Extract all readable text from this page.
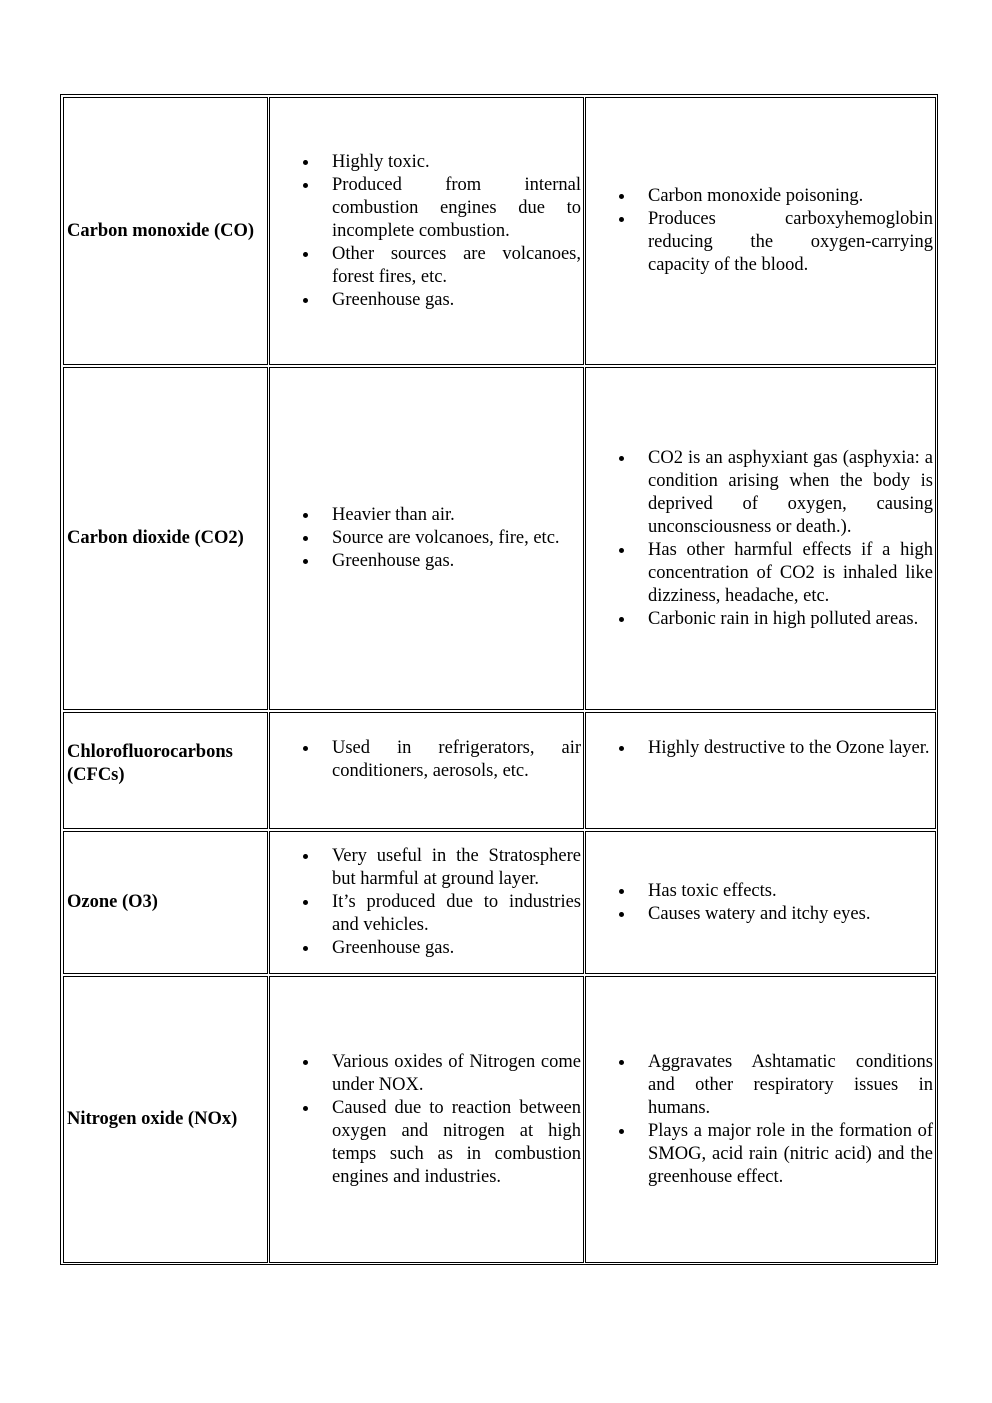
Carbon monoxide (CO)
Highly toxic.
Produced from internal combustion engines due to incomplete combustion.
Other sources are volcanoes, forest fires, etc.
Greenhouse gas.
Carbon monoxide poisoning.
Produces carboxyhemoglobin reducing the oxygen-carrying capacity of the blood.
Carbon dioxide (CO2)
Heavier than air.
Source are volcanoes, fire, etc.
Greenhouse gas.
CO2 is an asphyxiant gas (asphyxia: a condition arising when the body is deprived of oxygen, causing unconsciousness or death.).
Has other harmful effects if a high concentration of CO2 is inhaled like dizziness, headache, etc.
Carbonic rain in high polluted areas.
Chlorofluorocarbons (CFCs)
Used in refrigerators, air conditioners, aerosols, etc.
Highly destructive to the Ozone layer.
Ozone (O3)
Very useful in the Stratosphere but harmful at ground layer.
It’s produced due to industries and vehicles.
Greenhouse gas.
Has toxic effects.
Causes watery and itchy eyes.
Nitrogen oxide (NOx)
Various oxides of Nitrogen come under NOX.
Caused due to reaction between oxygen and nitrogen at high temps such as in combustion engines and industries.
Aggravates Ashtamatic conditions and other respiratory issues in humans.
Plays a major role in the formation of SMOG, acid rain (nitric acid) and the greenhouse effect.
